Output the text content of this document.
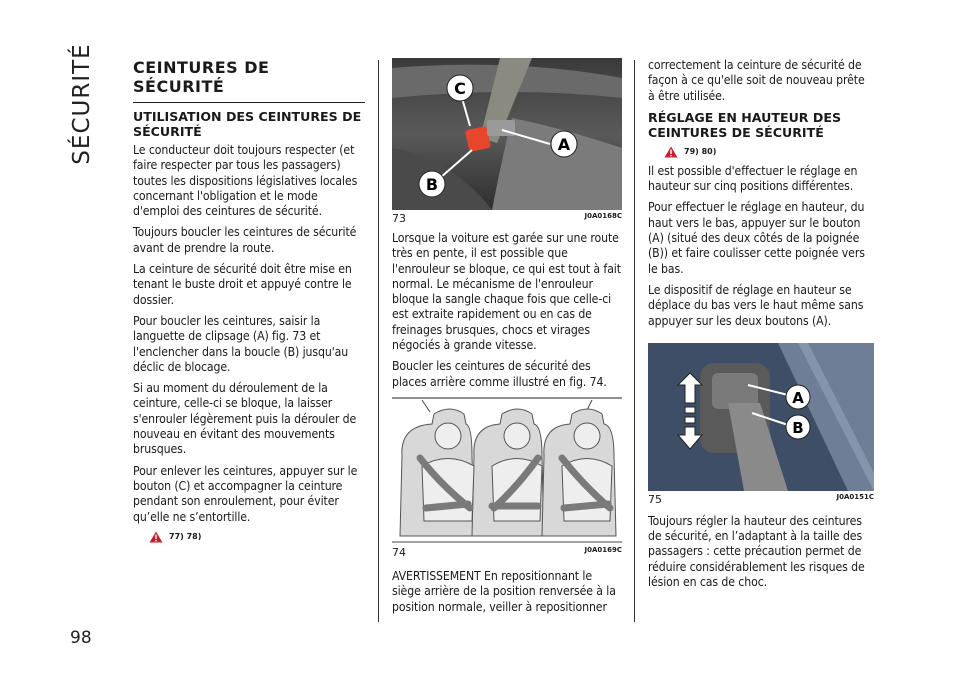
SÉCURITÉ
98
CEINTURES DE SÉCURITÉ
UTILISATION DES CEINTURES DE SÉCURITÉ

Le conducteur doit toujours respecter (et faire respecter par tous les passagers) toutes les dispositions législatives locales concernant l'obligation et le mode d'emploi des ceintures de sécurité.

Toujours boucler les ceintures de sécurité avant de prendre la route.

La ceinture de sécurité doit être mise en tenant le buste droit et appuyé contre le dossier.

Pour boucler les ceintures, saisir la languette de clipsage (A) fig. 73 et l'enclencher dans la boucle (B) jusqu'au déclic de blocage.

Si au moment du déroulement de la ceinture, celle-ci se bloque, la laisser s'enrouler légèrement puis la dérouler de nouveau en évitant des mouvements brusques.

Pour enlever les ceintures, appuyer sur le bouton (C) et accompagner la ceinture pendant son enroulement, pour éviter qu’elle ne s’entortille.

77) 78)
C
A
B
73	J0A0168C

Lorsque la voiture est garée sur une route très en pente, il est possible que l'enrouleur se bloque, ce qui est tout à fait normal. Le mécanisme de l'enrouleur bloque la sangle chaque fois que celle-ci est extraite rapidement ou en cas de freinages brusques, chocs et virages négociés à grande vitesse.

Boucler les ceintures de sécurité des places arrière comme illustré en fig. 74.

74	J0A0169C

AVERTISSEMENT En repositionnant le siège arrière de la position renversée à la position normale, veiller à repositionner

correctement la ceinture de sécurité de façon à ce qu'elle soit de nouveau prête à être utilisée.

RÉGLAGE EN HAUTEUR DES CEINTURES DE SÉCURITÉ
79) 80)

Il est possible d'effectuer le réglage en hauteur sur cinq positions différentes.

Pour effectuer le réglage en hauteur, du haut vers le bas, appuyer sur le bouton (A) (situé des deux côtés de la poignée (B)) et faire coulisser cette poignée vers le bas.

Le dispositif de réglage en hauteur se déplace du bas vers le haut même sans appuyer sur les deux boutons (A).

A
B
75	J0A0151C

Toujours régler la hauteur des ceintures de sécurité, en l’adaptant à la taille des passagers : cette précaution permet de réduire considérablement les risques de lésion en cas de choc.
